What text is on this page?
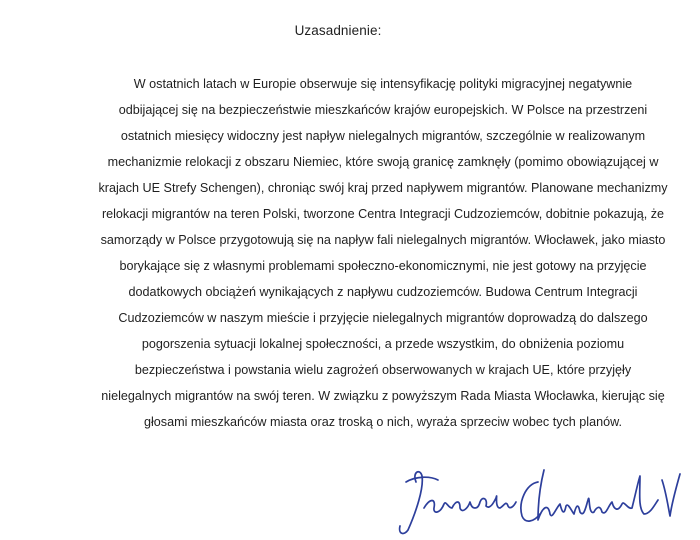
Uzasadnienie:
W ostatnich latach w Europie obserwuje się intensyfikację polityki migracyjnej negatywnie
odbijającej się na bezpieczeństwie mieszkańców krajów europejskich. W Polsce na przestrzeni
ostatnich miesięcy widoczny jest napływ nielegalnych migrantów, szczególnie w realizowanym
mechanizmie relokacji z obszaru Niemiec, które swoją granicę zamknęły (pomimo obowiązującej w
krajach UE Strefy Schengen), chroniąc swój kraj przed napływem migrantów. Planowane mechanizmy
relokacji migrantów na teren Polski, tworzone Centra Integracji Cudzoziemców, dobitnie pokazują, że
samorządy w Polsce przygotowują się na napływ fali nielegalnych migrantów. Włocławek, jako miasto
borykające się z własnymi problemami społeczno-ekonomicznymi, nie jest gotowy na przyjęcie
dodatkowych obciążeń wynikających z napływu cudzoziemców. Budowa Centrum Integracji
Cudzoziemców w naszym mieście i przyjęcie nielegalnych migrantów doprowadzą do dalszego
pogorszenia sytuacji lokalnej społeczności, a przede wszystkim, do obniżenia poziomu
bezpieczeństwa i powstania wielu zagrożeń obserwowanych w krajach UE, które przyjęły
nielegalnych migrantów na swój teren. W związku z powyższym Rada Miasta Włocławka, kierując się
głosami mieszkańców miasta oraz troską o nich, wyraża sprzeciw wobec tych planów.
